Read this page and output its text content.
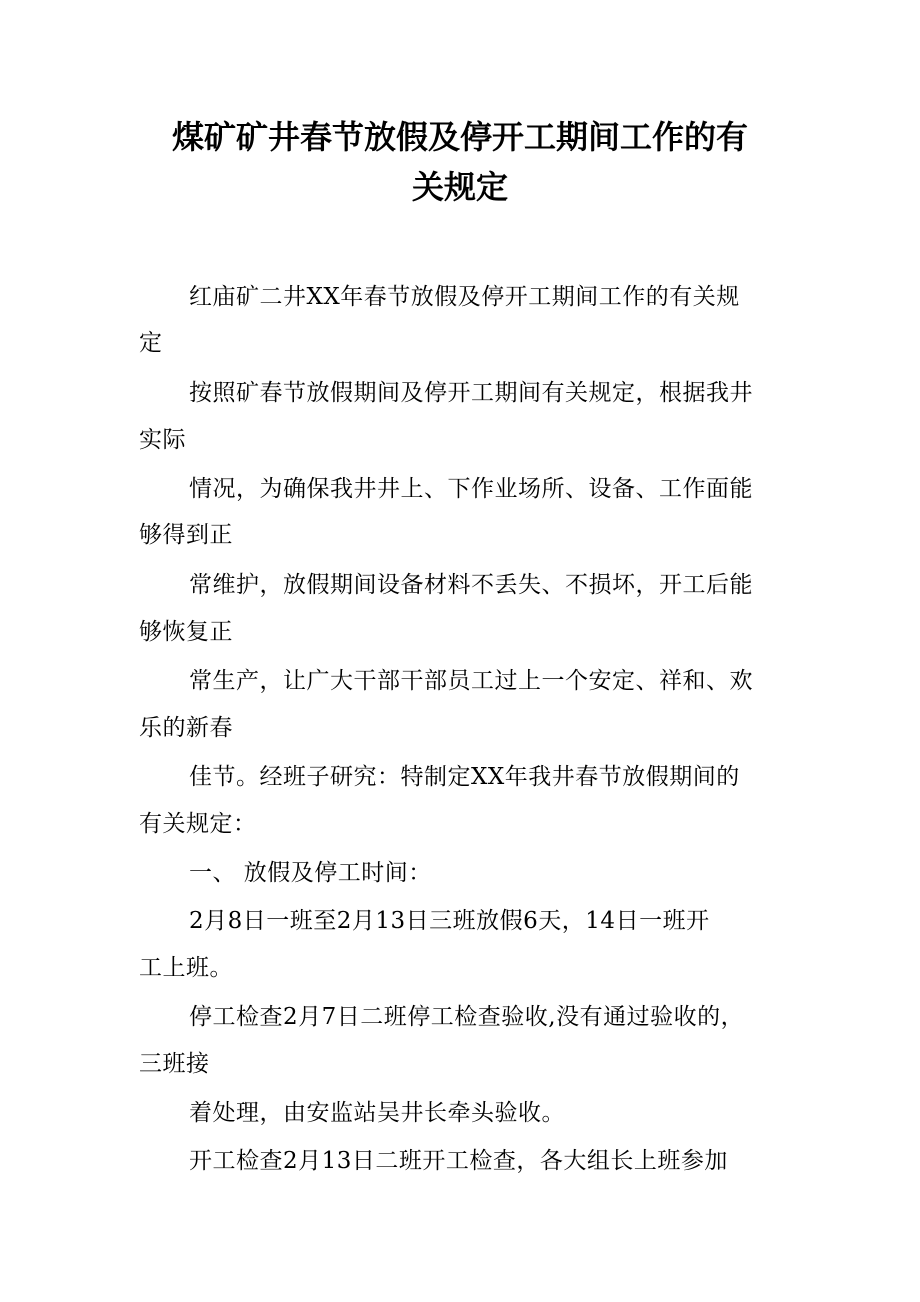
煤矿矿井春节放假及停开工期间工作的有
关规定
红庙矿二井XX年春节放假及停开工期间工作的有关规
定
按照矿春节放假期间及停开工期间有关规定，根据我井
实际
情况，为确保我井井上、下作业场所、设备、工作面能
够得到正
常维护，放假期间设备材料不丢失、不损坏，开工后能
够恢复正
常生产，让广大干部干部员工过上一个安定、祥和、欢
乐的新春
佳节。经班子研究：特制定XX年我井春节放假期间的
有关规定：
一、 放假及停工时间：
2月8日一班至2月13日三班放假6天，14日一班开
工上班。
停工检查2月7日二班停工检查验收,没有通过验收的，
三班接
着处理，由安监站吴井长牵头验收。
开工检查2月13日二班开工检查，各大组长上班参加
